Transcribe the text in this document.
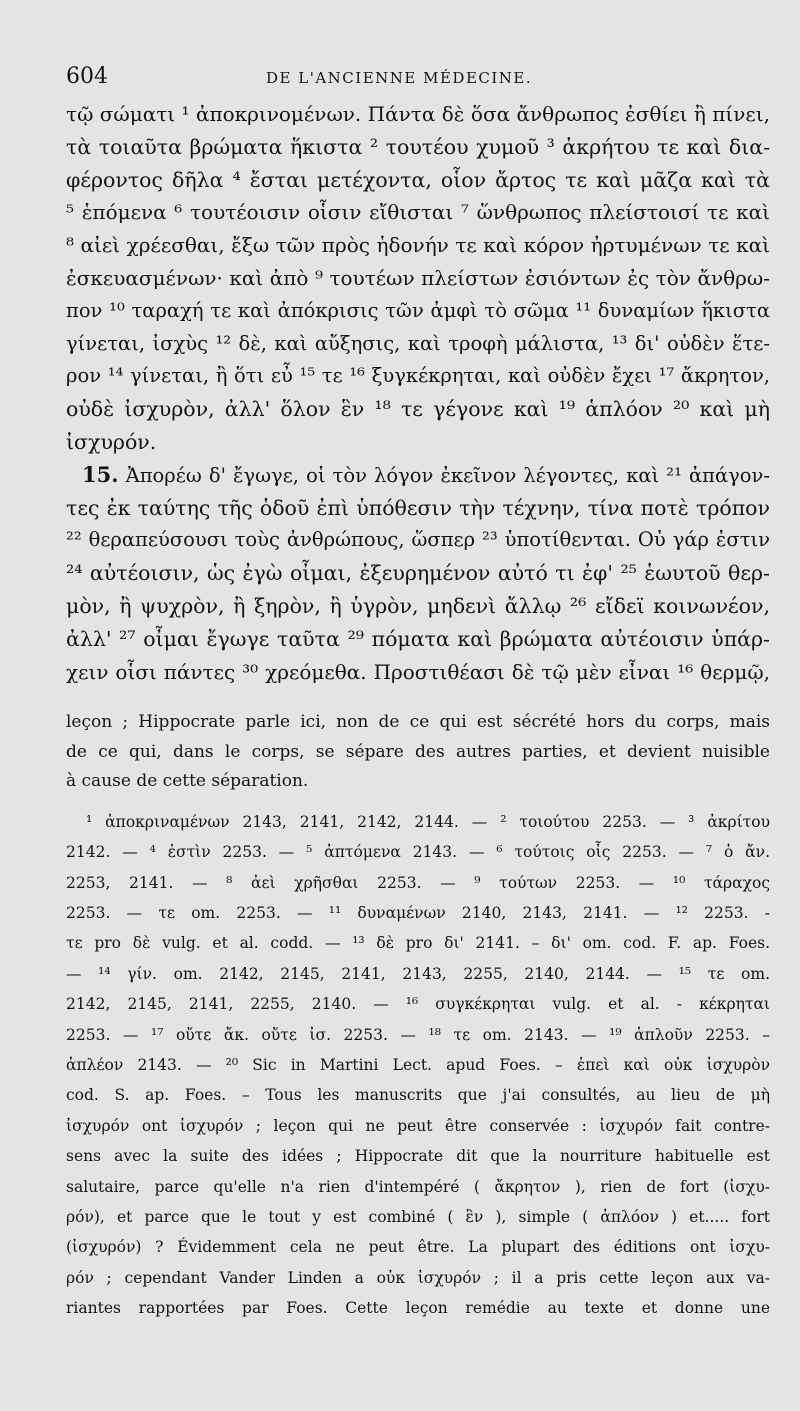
604	DE L'ANCIENNE MÉDECINE.
τῷ σώματι ¹ ἀποκρινομένων. Πάντα δὲ ὅσα ἄνθρωπος ἐσθίει ἢ πίνει,
τὰ τοιαῦτα βρώματα ἥκιστα ² τουτέου χυμοῦ ³ ἀκρήτου τε καὶ δια-
φέροντος δῆλα ⁴ ἔσται μετέχοντα, οἷον ἄρτος τε καὶ μᾶζα καὶ τὰ
⁵ ἑπόμενα ⁶ τουτέοισιν οἷσιν εἴθισται ⁷ ὥνθρωπος πλείστοισί τε καὶ
⁸ αἰεὶ χρέεσθαι, ἔξω τῶν πρὸς ἡδονήν τε καὶ κόρον ἠρτυμένων τε καὶ
ἐσκευασμένων· καὶ ἀπὸ ⁹ τουτέων πλείστων ἐσιόντων ἐς τὸν ἄνθρω-
πον ¹⁰ ταραχή τε καὶ ἀπόκρισις τῶν ἀμφὶ τὸ σῶμα ¹¹ δυναμίων ἥκιστα
γίνεται, ἰσχὺς ¹² δὲ, καὶ αὔξησις, καὶ τροφὴ μάλιστα, ¹³ δι' οὐδὲν ἕτε-
ρον ¹⁴ γίνεται, ἢ ὅτι εὖ ¹⁵ τε ¹⁶ ξυγκέκρηται, καὶ οὐδὲν ἔχει ¹⁷ ἄκρητον,
οὐδὲ ἰσχυρὸν, ἀλλ' ὅλον ἓν ¹⁸ τε γέγονε καὶ ¹⁹ ἁπλόον ²⁰ καὶ μὴ
ἰσχυρόν.
15. Ἀπορέω δ' ἔγωγε, οἱ τὸν λόγον ἐκεῖνον λέγοντες, καὶ ²¹ ἀπάγον-
τες ἐκ ταύτης τῆς ὁδοῦ ἐπὶ ὑπόθεσιν τὴν τέχνην, τίνα ποτὲ τρόπον
²² θεραπεύσουσι τοὺς ἀνθρώπους, ὥσπερ ²³ ὑποτίθενται. Οὐ γάρ ἐστιν
²⁴ αὐτέοισιν, ὡς ἐγὼ οἶμαι, ἐξευρημένον αὐτό τι ἐφ' ²⁵ ἑωυτοῦ θερ-
μὸν, ἢ ψυχρὸν, ἢ ξηρὸν, ἢ ὑγρὸν, μηδενὶ ἄλλῳ ²⁶ εἴδεϊ κοινωνέον,
ἀλλ' ²⁷ οἶμαι ἔγωγε ταῦτα ²⁹ πόματα καὶ βρώματα αὐτέοισιν ὑπάρ-
χειν οἷσι πάντες ³⁰ χρεόμεθα. Προστιθέασι δὲ τῷ μὲν εἶναι ¹⁶ θερμῷ,
leçon ; Hippocrate parle ici, non de ce qui est sécrété hors du corps, mais
de ce qui, dans le corps, se sépare des autres parties, et devient nuisible
à cause de cette séparation.
¹ ἀποκριναμένων 2143, 2141, 2142, 2144. — ² τοιούτου 2253. — ³ ἀκρίτου
2142. — ⁴ ἐστὶν 2253. — ⁵ ἀπτόμενα 2143. — ⁶ τούτοις οἷς 2253. — ⁷ ὁ ἄν.
2253, 2141. — ⁸ ἀεὶ χρῆσθαι 2253. — ⁹ τούτων 2253. — ¹⁰ τάραχος
2253. — τε om. 2253. — ¹¹ δυναμένων 2140, 2143, 2141. — ¹² 2253. -
τε pro δὲ vulg. et al. codd. — ¹³ δὲ pro δι' 2141. – δι' om. cod. F. ap. Foes.
— ¹⁴ γίν. om. 2142, 2145, 2141, 2143, 2255, 2140, 2144. — ¹⁵ τε om.
2142, 2145, 2141, 2255, 2140. — ¹⁶ συγκέκρηται vulg. et al. - κέκρηται
2253. — ¹⁷ οὔτε ἄκ. οὔτε ἰσ. 2253. — ¹⁸ τε om. 2143. — ¹⁹ ἁπλοῦν 2253. –
ἁπλέον 2143. — ²⁰ Sic in Martini Lect. apud Foes. – ἐπεὶ καὶ οὐκ ἰσχυρὸν
cod. S. ap. Foes. – Tous les manuscrits que j'ai consultés, au lieu de μὴ
ἰσχυρόν ont ἰσχυρόν ; leçon qui ne peut être conservée : ἰσχυρόν fait contre-
sens avec la suite des idées ; Hippocrate dit que la nourriture habituelle est
salutaire, parce qu'elle n'a rien d'intempéré ( ἄκρητον ), rien de fort (ἰσχυ-
ρόν), et parce que le tout y est combiné ( ἓν ), simple ( ἁπλόον ) et..... fort
(ἰσχυρόν) ? Évidemment cela ne peut être. La plupart des éditions ont ἰσχυ-
ρόν ; cependant Vander Linden a οὐκ ἰσχυρόν ; il a pris cette leçon aux va-
riantes rapportées par Foes. Cette leçon remédie au texte et donne une
